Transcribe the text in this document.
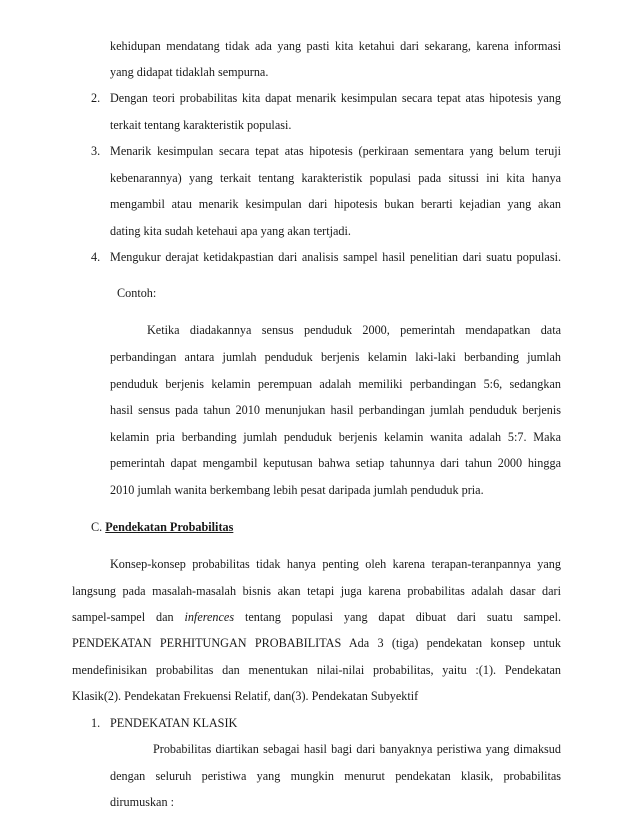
kehidupan mendatang tidak ada yang pasti kita ketahui dari sekarang, karena informasi
yang didapat tidaklah sempurna.
2. Dengan teori probabilitas kita dapat menarik kesimpulan secara tepat atas hipotesis yang
terkait tentang karakteristik populasi.
3. Menarik kesimpulan secara tepat atas hipotesis (perkiraan sementara yang belum teruji
kebenarannya) yang terkait tentang karakteristik populasi pada situssi ini kita hanya
mengambil atau menarik kesimpulan dari hipotesis bukan berarti kejadian yang akan
dating kita sudah ketehaui apa yang akan tertjadi.
4. Mengukur derajat ketidakpastian dari analisis sampel hasil penelitian dari suatu populasi.
Contoh:
Ketika diadakannya sensus penduduk 2000, pemerintah mendapatkan data
perbandingan antara jumlah penduduk berjenis kelamin laki-laki berbanding jumlah
penduduk berjenis kelamin perempuan adalah memiliki perbandingan 5:6, sedangkan
hasil sensus pada tahun 2010 menunjukan hasil perbandingan jumlah penduduk berjenis
kelamin pria berbanding jumlah penduduk berjenis kelamin wanita adalah 5:7. Maka
pemerintah dapat mengambil keputusan bahwa setiap tahunnya dari tahun 2000 hingga
2010 jumlah wanita berkembang lebih pesat daripada jumlah penduduk pria.
C. Pendekatan Probabilitas
Konsep-konsep probabilitas tidak hanya penting oleh karena terapan-teranpannya yang
langsung pada masalah-masalah bisnis akan tetapi juga karena probabilitas adalah dasar dari
sampel-sampel dan inferences tentang populasi yang dapat dibuat dari suatu sampel.
PENDEKATAN PERHITUNGAN PROBABILITAS Ada 3 (tiga) pendekatan konsep untuk
mendefinisikan probabilitas dan menentukan nilai-nilai probabilitas, yaitu :(1). Pendekatan
Klasik(2). Pendekatan Frekuensi Relatif, dan(3). Pendekatan Subyektif
1. PENDEKATAN KLASIK
Probabilitas diartikan sebagai hasil bagi dari banyaknya peristiwa yang dimaksud
dengan seluruh peristiwa yang mungkin menurut pendekatan klasik, probabilitas
dirumuskan :
